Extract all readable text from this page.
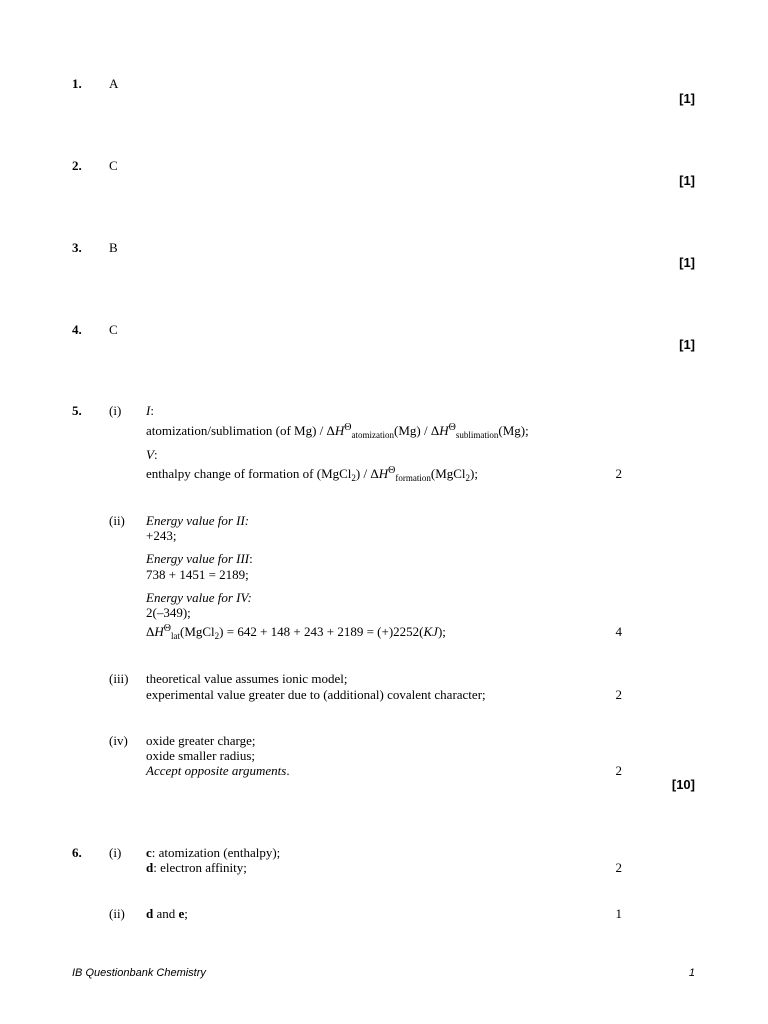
1. A
[1]
2. C
[1]
3. B
[1]
4. C
[1]
5. (i) I:
atomization/sublimation (of $Mg) / \Delta H^\Theta_{atomization}(Mg) / \Delta H^\Theta_{sublimation}(Mg)$;
V:
enthalpy change of formation of (MgCl$_2$) / $\Delta H^\Theta_{formation}(MgCl_2)$;	2
(ii) Energy value for II:
+243;
Energy value for III:
738 + 1451 = 2189;
Energy value for IV:
2(–349);
$\Delta H^\Theta_{lat}(MgCl_2) = 642 + 148 + 243 + 2189 = (+)2252(KJ)$;	4
(iii) theoretical value assumes ionic model;
experimental value greater due to (additional) covalent character;	2
(iv) oxide greater charge;
oxide smaller radius;
Accept opposite arguments.	2
[10]
6. (i) c: atomization (enthalpy);
d: electron affinity;	2
(ii) d and e;	1
IB Questionbank Chemistry	1
